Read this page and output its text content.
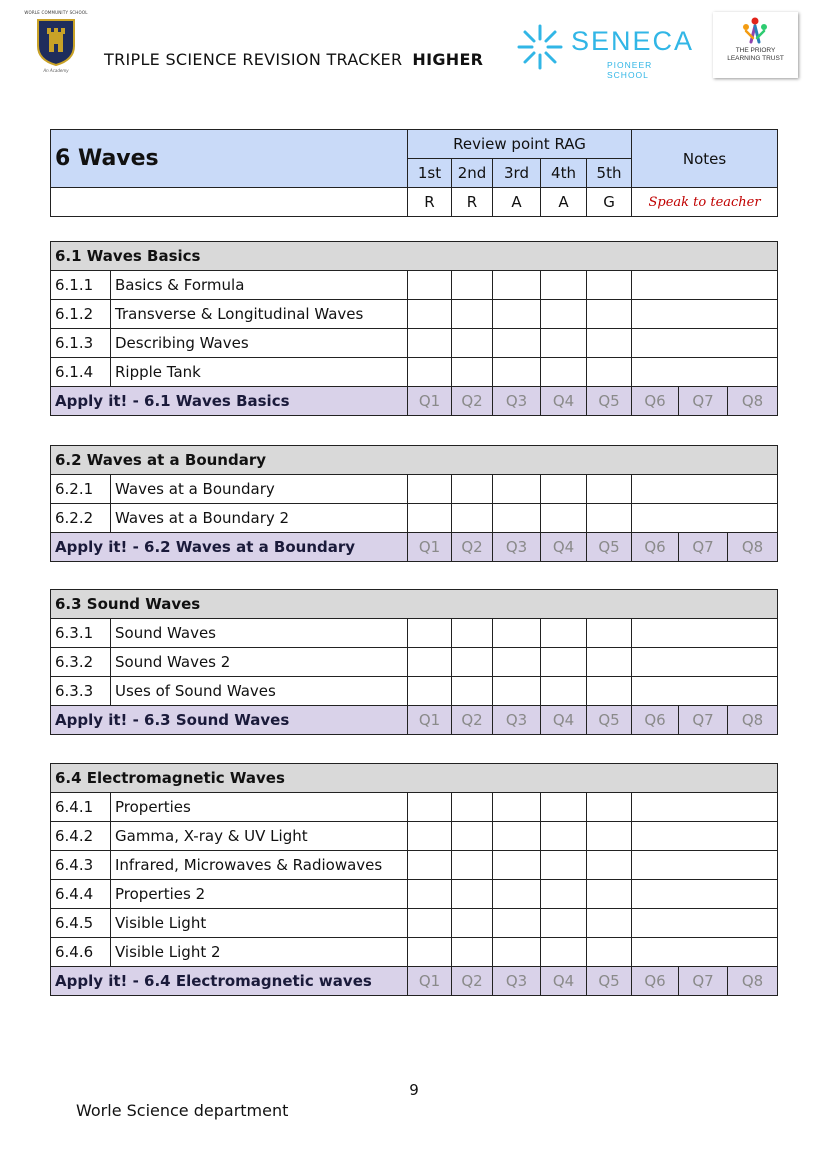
WORLE COMMUNITY SCHOOL
An Academy
TRIPLE SCIENCE REVISION TRACKER HIGHER
SENECA
PIONEER SCHOOL
THE PRIORY
LEARNING TRUST
6 Waves	Review point RAG					Notes
	1st	2nd	3rd	4th	5th	
	R	R	A	A	G	Speak to teacher
6.1 Waves Basics									
6.1.1	Basics & Formula								
6.1.2	Transverse & Longitudinal Waves								
6.1.3	Describing Waves								
6.1.4	Ripple Tank								
Apply it! - 6.1 Waves Basics		Q1	Q2	Q3	Q4	Q5	Q6	Q7	Q8
6.2 Waves at a Boundary									
6.2.1	Waves at a Boundary								
6.2.2	Waves at a Boundary 2								
Apply it! - 6.2 Waves at a Boundary		Q1	Q2	Q3	Q4	Q5	Q6	Q7	Q8
6.3 Sound Waves									
6.3.1	Sound Waves								
6.3.2	Sound Waves 2								
6.3.3	Uses of Sound Waves								
Apply it! - 6.3 Sound Waves		Q1	Q2	Q3	Q4	Q5	Q6	Q7	Q8
6.4 Electromagnetic Waves									
6.4.1	Properties								
6.4.2	Gamma, X-ray & UV Light								
6.4.3	Infrared, Microwaves & Radiowaves								
6.4.4	Properties 2								
6.4.5	Visible Light								
6.4.6	Visible Light 2								
Apply it! - 6.4 Electromagnetic waves		Q1	Q2	Q3	Q4	Q5	Q6	Q7	Q8
9
Worle Science department
